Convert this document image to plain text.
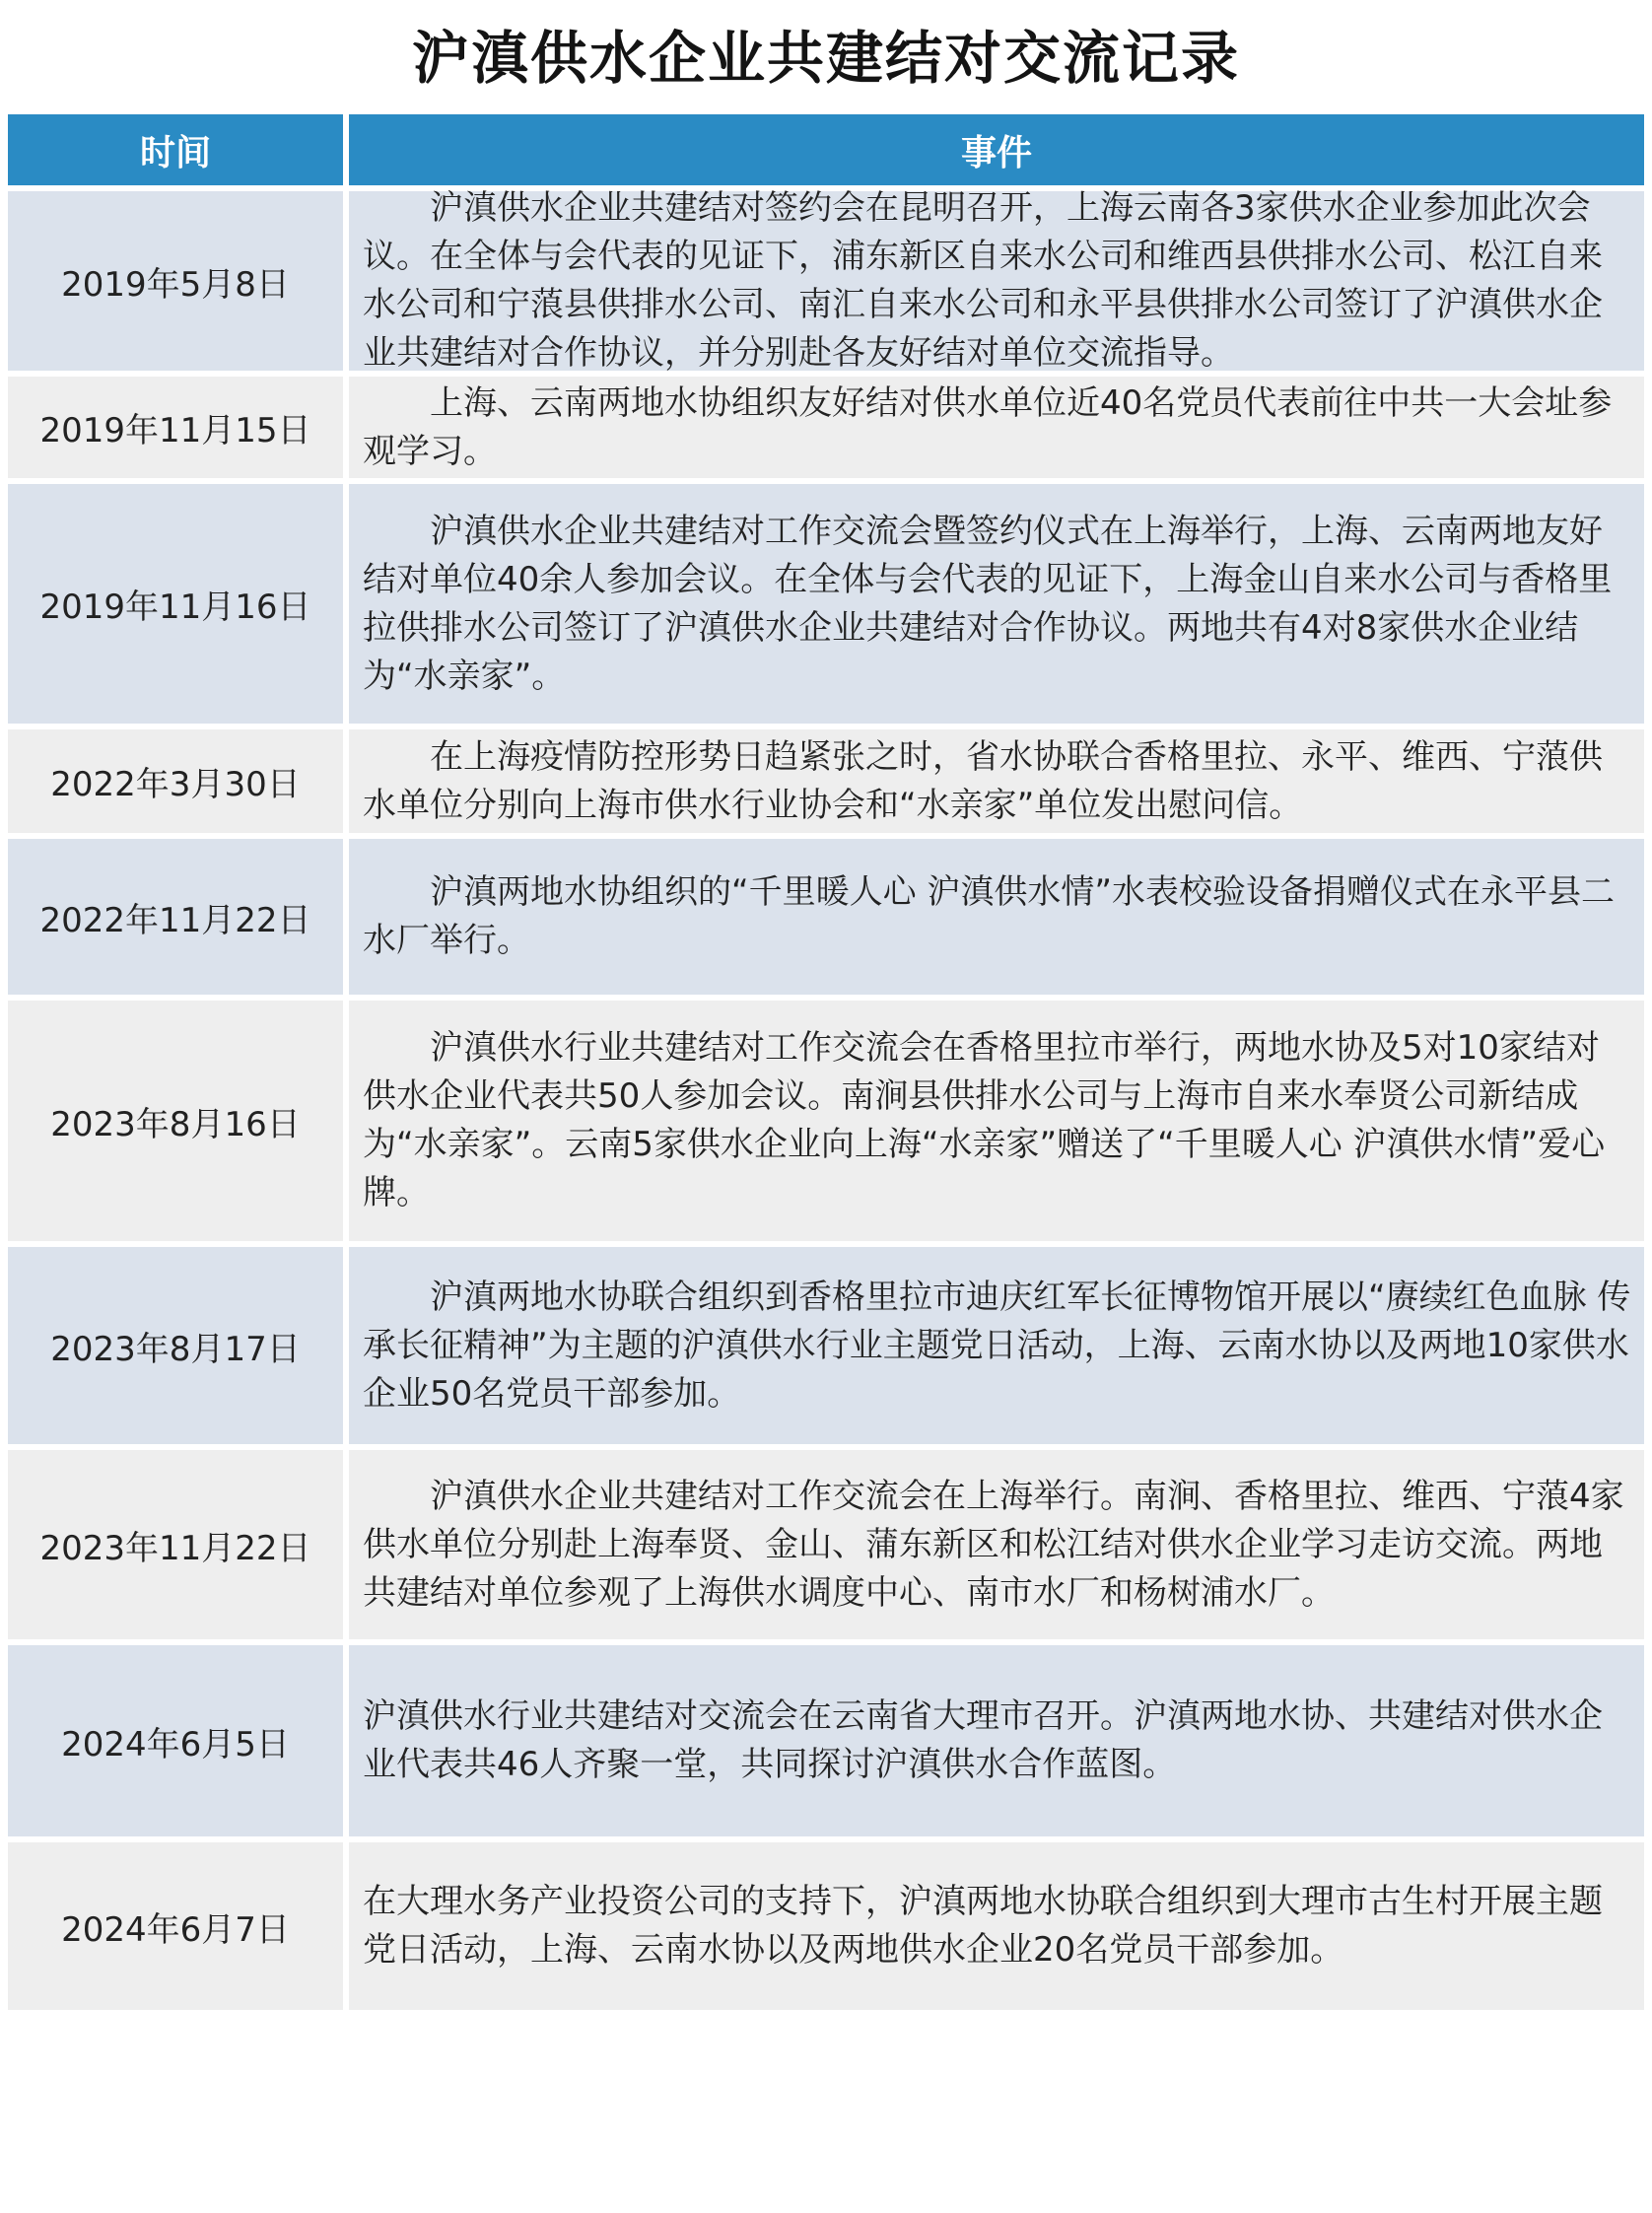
沪滇供水企业共建结对交流记录
时间	事件
2019年5月8日
沪滇供水企业共建结对签约会在昆明召开，上海云南各3家供水企业参加此次会议。在全体与会代表的见证下，浦东新区自来水公司和维西县供排水公司、松江自来水公司和宁蒗县供排水公司、南汇自来水公司和永平县供排水公司签订了沪滇供水企业共建结对合作协议，并分别赴各友好结对单位交流指导。
2019年11月15日
上海、云南两地水协组织友好结对供水单位近40名党员代表前往中共一大会址参观学习。
2019年11月16日
沪滇供水企业共建结对工作交流会暨签约仪式在上海举行，上海、云南两地友好结对单位40余人参加会议。在全体与会代表的见证下，上海金山自来水公司与香格里拉供排水公司签订了沪滇供水企业共建结对合作协议。两地共有4对8家供水企业结为“水亲家”。
2022年3月30日
在上海疫情防控形势日趋紧张之时，省水协联合香格里拉、永平、维西、宁蒗供水单位分别向上海市供水行业协会和“水亲家”单位发出慰问信。
2022年11月22日
沪滇两地水协组织的“千里暖人心 沪滇供水情”水表校验设备捐赠仪式在永平县二水厂举行。
2023年8月16日
沪滇供水行业共建结对工作交流会在香格里拉市举行，两地水协及5对10家结对供水企业代表共50人参加会议。南涧县供排水公司与上海市自来水奉贤公司新结成为“水亲家”。云南5家供水企业向上海“水亲家”赠送了“千里暖人心 沪滇供水情”爱心牌。
2023年8月17日
沪滇两地水协联合组织到香格里拉市迪庆红军长征博物馆开展以“赓续红色血脉 传承长征精神”为主题的沪滇供水行业主题党日活动，上海、云南水协以及两地10家供水企业50名党员干部参加。
2023年11月22日
沪滇供水企业共建结对工作交流会在上海举行。南涧、香格里拉、维西、宁蒗4家供水单位分别赴上海奉贤、金山、蒲东新区和松江结对供水企业学习走访交流。两地共建结对单位参观了上海供水调度中心、南市水厂和杨树浦水厂。
2024年6月5日
沪滇供水行业共建结对交流会在云南省大理市召开。沪滇两地水协、共建结对供水企业代表共46人齐聚一堂，共同探讨沪滇供水合作蓝图。
2024年6月7日
在大理水务产业投资公司的支持下，沪滇两地水协联合组织到大理市古生村开展主题党日活动，上海、云南水协以及两地供水企业20名党员干部参加。
